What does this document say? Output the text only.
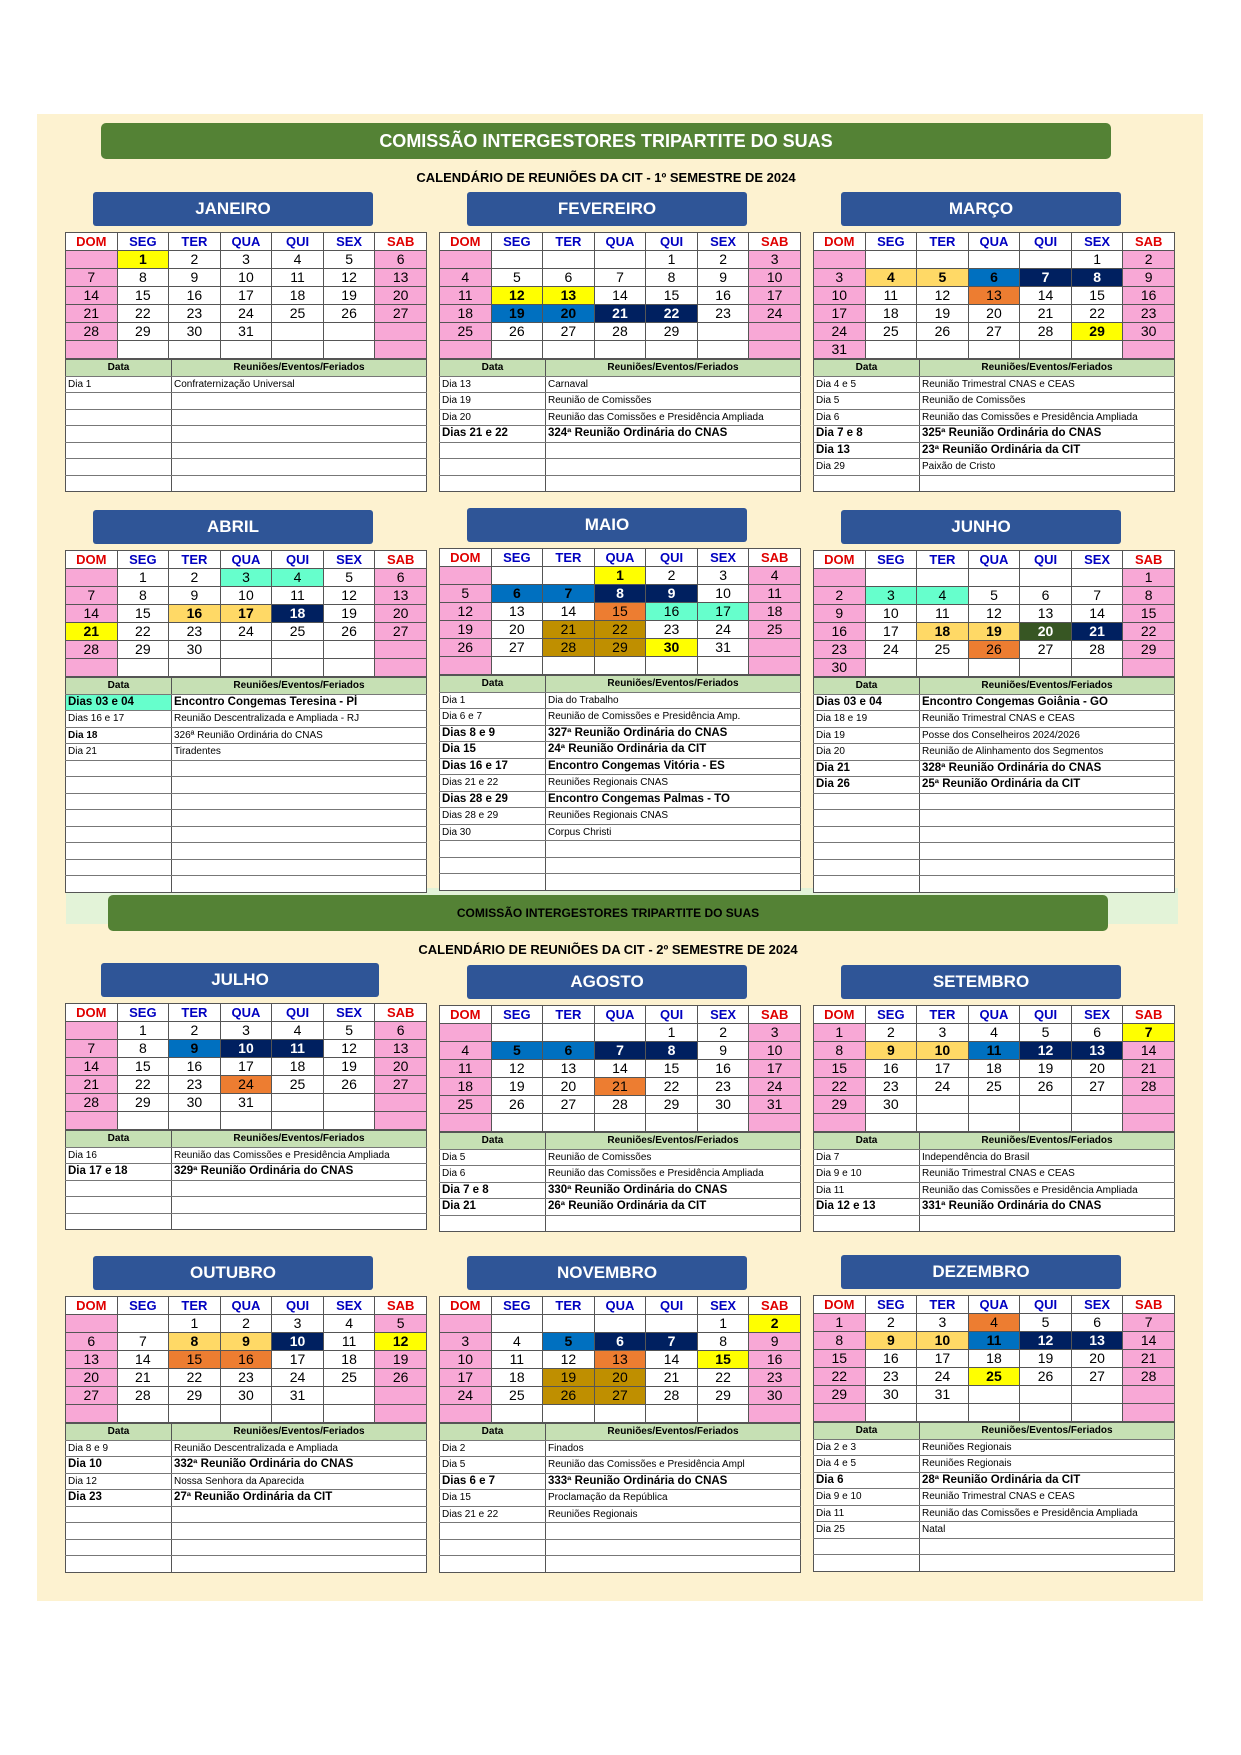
COMISSÃO INTERGESTORES TRIPARTITE DO SUAS
CALENDÁRIO DE REUNIÕES DA CIT - 1º SEMESTRE DE 2024
COMISSÃO INTERGESTORES TRIPARTITE DO SUAS
CALENDÁRIO DE REUNIÕES DA CIT - 2º SEMESTRE DE 2024
JANEIRO
DOM	SEG	TER	QUA	QUI	SEX	SAB
	1	2	3	4	5	6
7	8	9	10	11	12	13
14	15	16	17	18	19	20
21	22	23	24	25	26	27
28	29	30	31			

Data	Reuniões/Eventos/Feriados
Dia 1	Confraternização Universal

FEVEREIRO
DOM	SEG	TER	QUA	QUI	SEX	SAB
				1	2	3
4	5	6	7	8	9	10
11	12	13	14	15	16	17
18	19	20	21	22	23	24
25	26	27	28	29		

Data	Reuniões/Eventos/Feriados
Dia 13	Carnaval
Dia 19	Reunião de Comissões
Dia 20	Reunião das Comissões e Presidência Ampliada
Dias 21 e 22	324ª Reunião Ordinária do CNAS

MARÇO
DOM	SEG	TER	QUA	QUI	SEX	SAB
					1	2
3	4	5	6	7	8	9
10	11	12	13	14	15	16
17	18	19	20	21	22	23
24	25	26	27	28	29	30
31						
Data	Reuniões/Eventos/Feriados
Dia 4 e 5	Reunião Trimestral CNAS e CEAS
Dia 5	Reunião de Comissões
Dia 6	Reunião das Comissões e Presidência Ampliada
Dia 7 e 8	325ª Reunião Ordinária do CNAS
Dia 13	23ª Reunião Ordinária da CIT
Dia 29	Paixão de Cristo

ABRIL
DOM	SEG	TER	QUA	QUI	SEX	SAB
	1	2	3	4	5	6
7	8	9	10	11	12	13
14	15	16	17	18	19	20
21	22	23	24	25	26	27
28	29	30				

Data	Reuniões/Eventos/Feriados
Dias 03 e 04	Encontro Congemas Teresina - PÍ
Dias 16 e 17	Reunião Descentralizada e Ampliada - RJ
Dia 18	326ª Reunião Ordinária do CNAS
Dia 21	Tiradentes

MAIO
DOM	SEG	TER	QUA	QUI	SEX	SAB
			1	2	3	4
5	6	7	8	9	10	11
12	13	14	15	16	17	18
19	20	21	22	23	24	25
26	27	28	29	30	31	

Data	Reuniões/Eventos/Feriados
Dia 1	Dia do Trabalho
Dia 6 e 7	Reunião de Comissões e Presidência Amp.
Dias 8 e 9	327ª Reunião Ordinária do CNAS
Dia 15	24ª Reunião Ordinária da CIT
Dias 16 e 17	Encontro Congemas Vitória - ES
Dias 21 e 22	Reuniões Regionais CNAS
Dias 28 e 29	Encontro Congemas Palmas - TO
Dias 28 e 29	Reuniões Regionais CNAS
Dia 30	Corpus Christi

JUNHO
DOM	SEG	TER	QUA	QUI	SEX	SAB
						1
2	3	4	5	6	7	8
9	10	11	12	13	14	15
16	17	18	19	20	21	22
23	24	25	26	27	28	29
30						
Data	Reuniões/Eventos/Feriados
Dias 03 e 04	Encontro Congemas Goiânia - GO
Dia 18 e 19	Reunião Trimestral CNAS e CEAS
Dia 19	Posse dos Conselheiros 2024/2026
Dia 20	Reunião de Alinhamento dos Segmentos
Dia 21	328ª Reunião Ordinária do CNAS
Dia 26	25ª Reunião Ordinária da CIT

JULHO
DOM	SEG	TER	QUA	QUI	SEX	SAB
	1	2	3	4	5	6
7	8	9	10	11	12	13
14	15	16	17	18	19	20
21	22	23	24	25	26	27
28	29	30	31			

Data	Reuniões/Eventos/Feriados
Dia 16	Reunião das Comissões e Presidência Ampliada
Dia 17 e 18	329ª Reunião Ordinária do CNAS

AGOSTO
DOM	SEG	TER	QUA	QUI	SEX	SAB
				1	2	3
4	5	6	7	8	9	10
11	12	13	14	15	16	17
18	19	20	21	22	23	24
25	26	27	28	29	30	31

Data	Reuniões/Eventos/Feriados
Dia 5	Reunião de Comissões
Dia 6	Reunião das Comissões e Presidência Ampliada
Dia 7 e 8	330ª Reunião Ordinária do CNAS
Dia 21	26ª Reunião Ordinária da CIT

SETEMBRO
DOM	SEG	TER	QUA	QUI	SEX	SAB
1	2	3	4	5	6	7
8	9	10	11	12	13	14
15	16	17	18	19	20	21
22	23	24	25	26	27	28
29	30					

Data	Reuniões/Eventos/Feriados
Dia 7	Independência do Brasil
Dia 9 e 10	Reunião Trimestral CNAS e CEAS
Dia 11	Reunião das Comissões e Presidência Ampliada
Dia 12 e 13	331ª Reunião Ordinária do CNAS

OUTUBRO
DOM	SEG	TER	QUA	QUI	SEX	SAB
		1	2	3	4	5
6	7	8	9	10	11	12
13	14	15	16	17	18	19
20	21	22	23	24	25	26
27	28	29	30	31		

Data	Reuniões/Eventos/Feriados
Dia 8 e 9	Reunião Descentralizada e Ampliada
Dia 10	332ª Reunião Ordinária do CNAS
Dia 12	Nossa Senhora da Aparecida
Dia 23	27ª Reunião Ordinária da CIT

NOVEMBRO
DOM	SEG	TER	QUA	QUI	SEX	SAB
					1	2
3	4	5	6	7	8	9
10	11	12	13	14	15	16
17	18	19	20	21	22	23
24	25	26	27	28	29	30

Data	Reuniões/Eventos/Feriados
Dia 2	Finados
Dia 5	Reunião das Comissões e Presidência Ampl
Dias 6 e 7	333ª Reunião Ordinária do CNAS
Dia 15	Proclamação da República
Dias 21 e 22	Reuniões Regionais

DEZEMBRO
DOM	SEG	TER	QUA	QUI	SEX	SAB
1	2	3	4	5	6	7
8	9	10	11	12	13	14
15	16	17	18	19	20	21
22	23	24	25	26	27	28
29	30	31				

Data	Reuniões/Eventos/Feriados
Dia 2 e 3	Reuniões Regionais
Dia 4 e 5	Reuniões Regionais
Dia 6	28ª Reunião Ordinária da CIT
Dia 9 e 10	Reunião Trimestral CNAS e CEAS
Dia 11	Reunião das Comissões e Presidência Ampliada
Dia 25	Natal
